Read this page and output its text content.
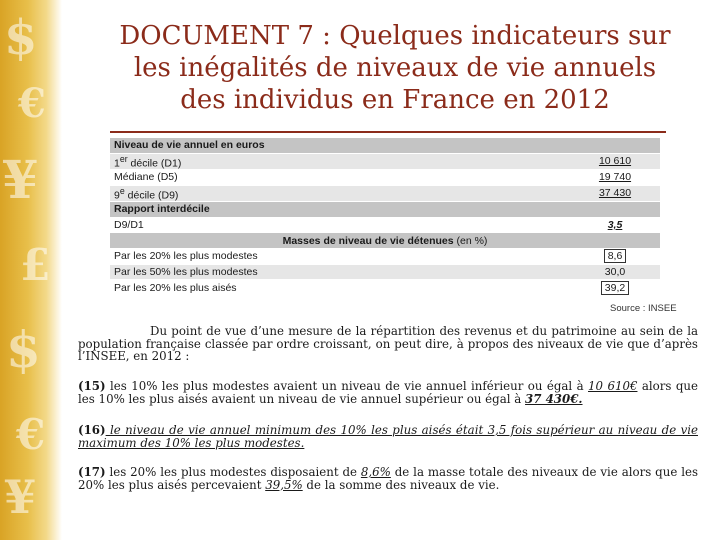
$
€
¥
£
$
€
¥
DOCUMENT 7 : Quelques indicateurs sur
les inégalités de niveaux de vie annuels
des individus en France en 2012
Niveau de vie annuel en euros	
1er décile (D1)	10 610
Médiane (D5)	19 740
9e décile (D9)	37 430
Rapport interdécile	
D9/D1	3,5
Masses de niveau de vie détenues (en %)	
Par les 20% les plus modestes	8,6
Par les 50% les plus modestes	30,0
Par les 20% les plus aisés	39,2
Source : INSEE

Du point de vue d’une mesure de la répartition des revenus et du patrimoine au sein de la population française classée par ordre croissant, on peut dire, à propos des niveaux de vie que d’après l’INSEE, en 2012 :

(15) les 10% les plus modestes avaient un niveau de vie annuel inférieur ou égal à 10 610€ alors que les 10% les plus aisés avaient un niveau de vie annuel supérieur ou égal à 37 430€.

(16) le niveau de vie annuel minimum des 10% les plus aisés était 3,5 fois supérieur au niveau de vie maximum des 10% les plus modestes.

(17) les 20% les plus modestes disposaient de 8,6% de la masse totale des niveaux de vie alors que les 20% les plus aisés percevaient 39,5% de la somme des niveaux de vie.
